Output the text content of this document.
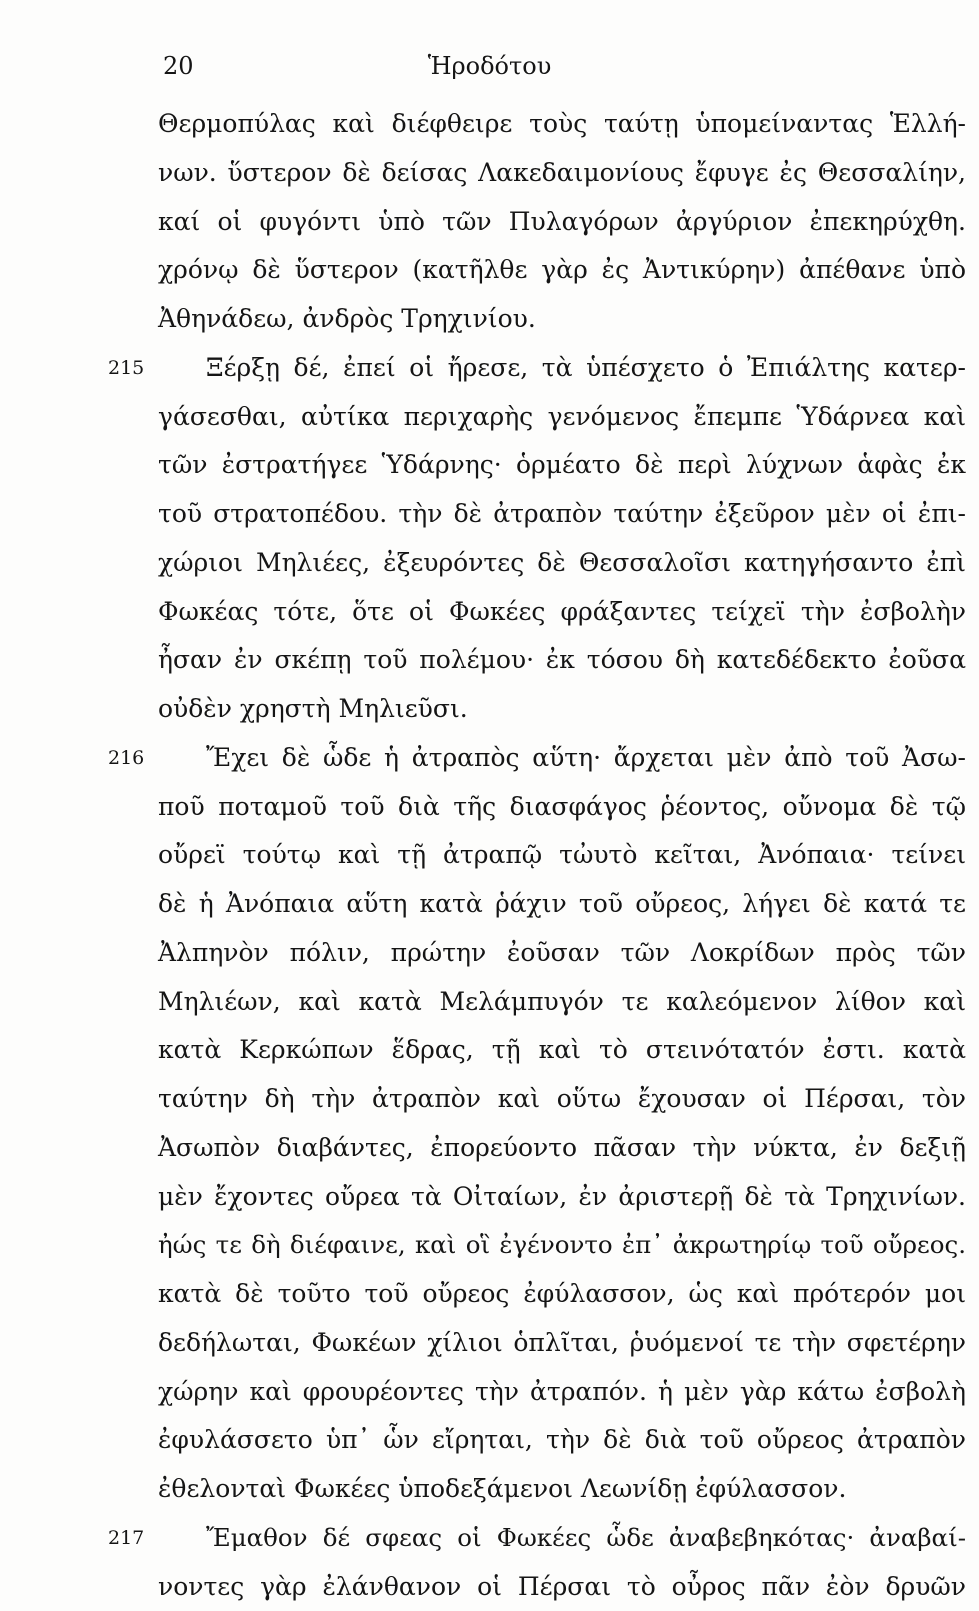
20	Ἡροδότου
Θερμοπύλας καὶ διέφθειρε τοὺς ταύτῃ ὑπομείναντας Ἑλλή-
νων. ὕστερον δὲ δείσας Λακεδαιμονίους ἔφυγε ἐς Θεσσαλίην,
καί οἱ φυγόντι ὑπὸ τῶν Πυλαγόρων ἀργύριον ἐπεκηρύχθη.
χρόνῳ δὲ ὕστερον (κατῆλθε γὰρ ἐς Ἀντικύρην) ἀπέθανε ὑπὸ
Ἀθηνάδεω, ἀνδρὸς Τρηχινίου.
215 Ξέρξῃ δέ, ἐπεί οἱ ἤρεσε, τὰ ὑπέσχετο ὁ Ἐπιάλτης κατερ-
γάσεσθαι, αὐτίκα περιχαρὴς γενόμενος ἔπεμπε Ὑδάρνεα καὶ
τῶν ἐστρατήγεε Ὑδάρνης· ὁρμέατο δὲ περὶ λύχνων ἁφὰς ἐκ
τοῦ στρατοπέδου. τὴν δὲ ἀτραπὸν ταύτην ἐξεῦρον μὲν οἱ ἐπι-
χώριοι Μηλιέες, ἐξευρόντες δὲ Θεσσαλοῖσι κατηγήσαντο ἐπὶ
Φωκέας τότε, ὅτε οἱ Φωκέες φράξαντες τείχεϊ τὴν ἐσβολὴν
ἦσαν ἐν σκέπῃ τοῦ πολέμου· ἐκ τόσου δὴ κατεδέδεκτο ἐοῦσα
οὐδὲν χρηστὴ Μηλιεῦσι.
216 Ἔχει δὲ ὧδε ἡ ἀτραπὸς αὕτη· ἄρχεται μὲν ἀπὸ τοῦ Ἀσω-
ποῦ ποταμοῦ τοῦ διὰ τῆς διασφάγος ῥέοντος, οὔνομα δὲ τῷ
οὔρεϊ τούτῳ καὶ τῇ ἀτραπῷ τὠυτὸ κεῖται, Ἀνόπαια· τείνει
δὲ ἡ Ἀνόπαια αὕτη κατὰ ῥάχιν τοῦ οὔρεος, λήγει δὲ κατά τε
Ἀλπηνὸν πόλιν, πρώτην ἐοῦσαν τῶν Λοκρίδων πρὸς τῶν
Μηλιέων, καὶ κατὰ Μελάμπυγόν τε καλεόμενον λίθον καὶ
κατὰ Κερκώπων ἕδρας, τῇ καὶ τὸ στεινότατόν ἐστι. κατὰ
ταύτην δὴ τὴν ἀτραπὸν καὶ οὕτω ἔχουσαν οἱ Πέρσαι, τὸν
Ἀσωπὸν διαβάντες, ἐπορεύοντο πᾶσαν τὴν νύκτα, ἐν δεξιῇ
μὲν ἔχοντες οὔρεα τὰ Οἰταίων, ἐν ἀριστερῇ δὲ τὰ Τρηχινίων.
ἠώς τε δὴ διέφαινε, καὶ οἳ ἐγένοντο ἐπ᾽ ἀκρωτηρίῳ τοῦ οὔρεος.
κατὰ δὲ τοῦτο τοῦ οὔρεος ἐφύλασσον, ὡς καὶ πρότερόν μοι
δεδήλωται, Φωκέων χίλιοι ὁπλῖται, ῥυόμενοί τε τὴν σφετέρην
χώρην καὶ φρουρέοντες τὴν ἀτραπόν. ἡ μὲν γὰρ κάτω ἐσβολὴ
ἐφυλάσσετο ὑπ᾽ ὧν εἴρηται, τὴν δὲ διὰ τοῦ οὔρεος ἀτραπὸν
ἐθελονταὶ Φωκέες ὑποδεξάμενοι Λεωνίδῃ ἐφύλασσον.
217	Ἔμαθον δέ σφεας οἱ Φωκέες ὧδε ἀναβεβηκότας· ἀναβαί-
νοντες γὰρ ἐλάνθανον οἱ Πέρσαι τὸ οὖρος πᾶν ἐὸν δρυῶν
